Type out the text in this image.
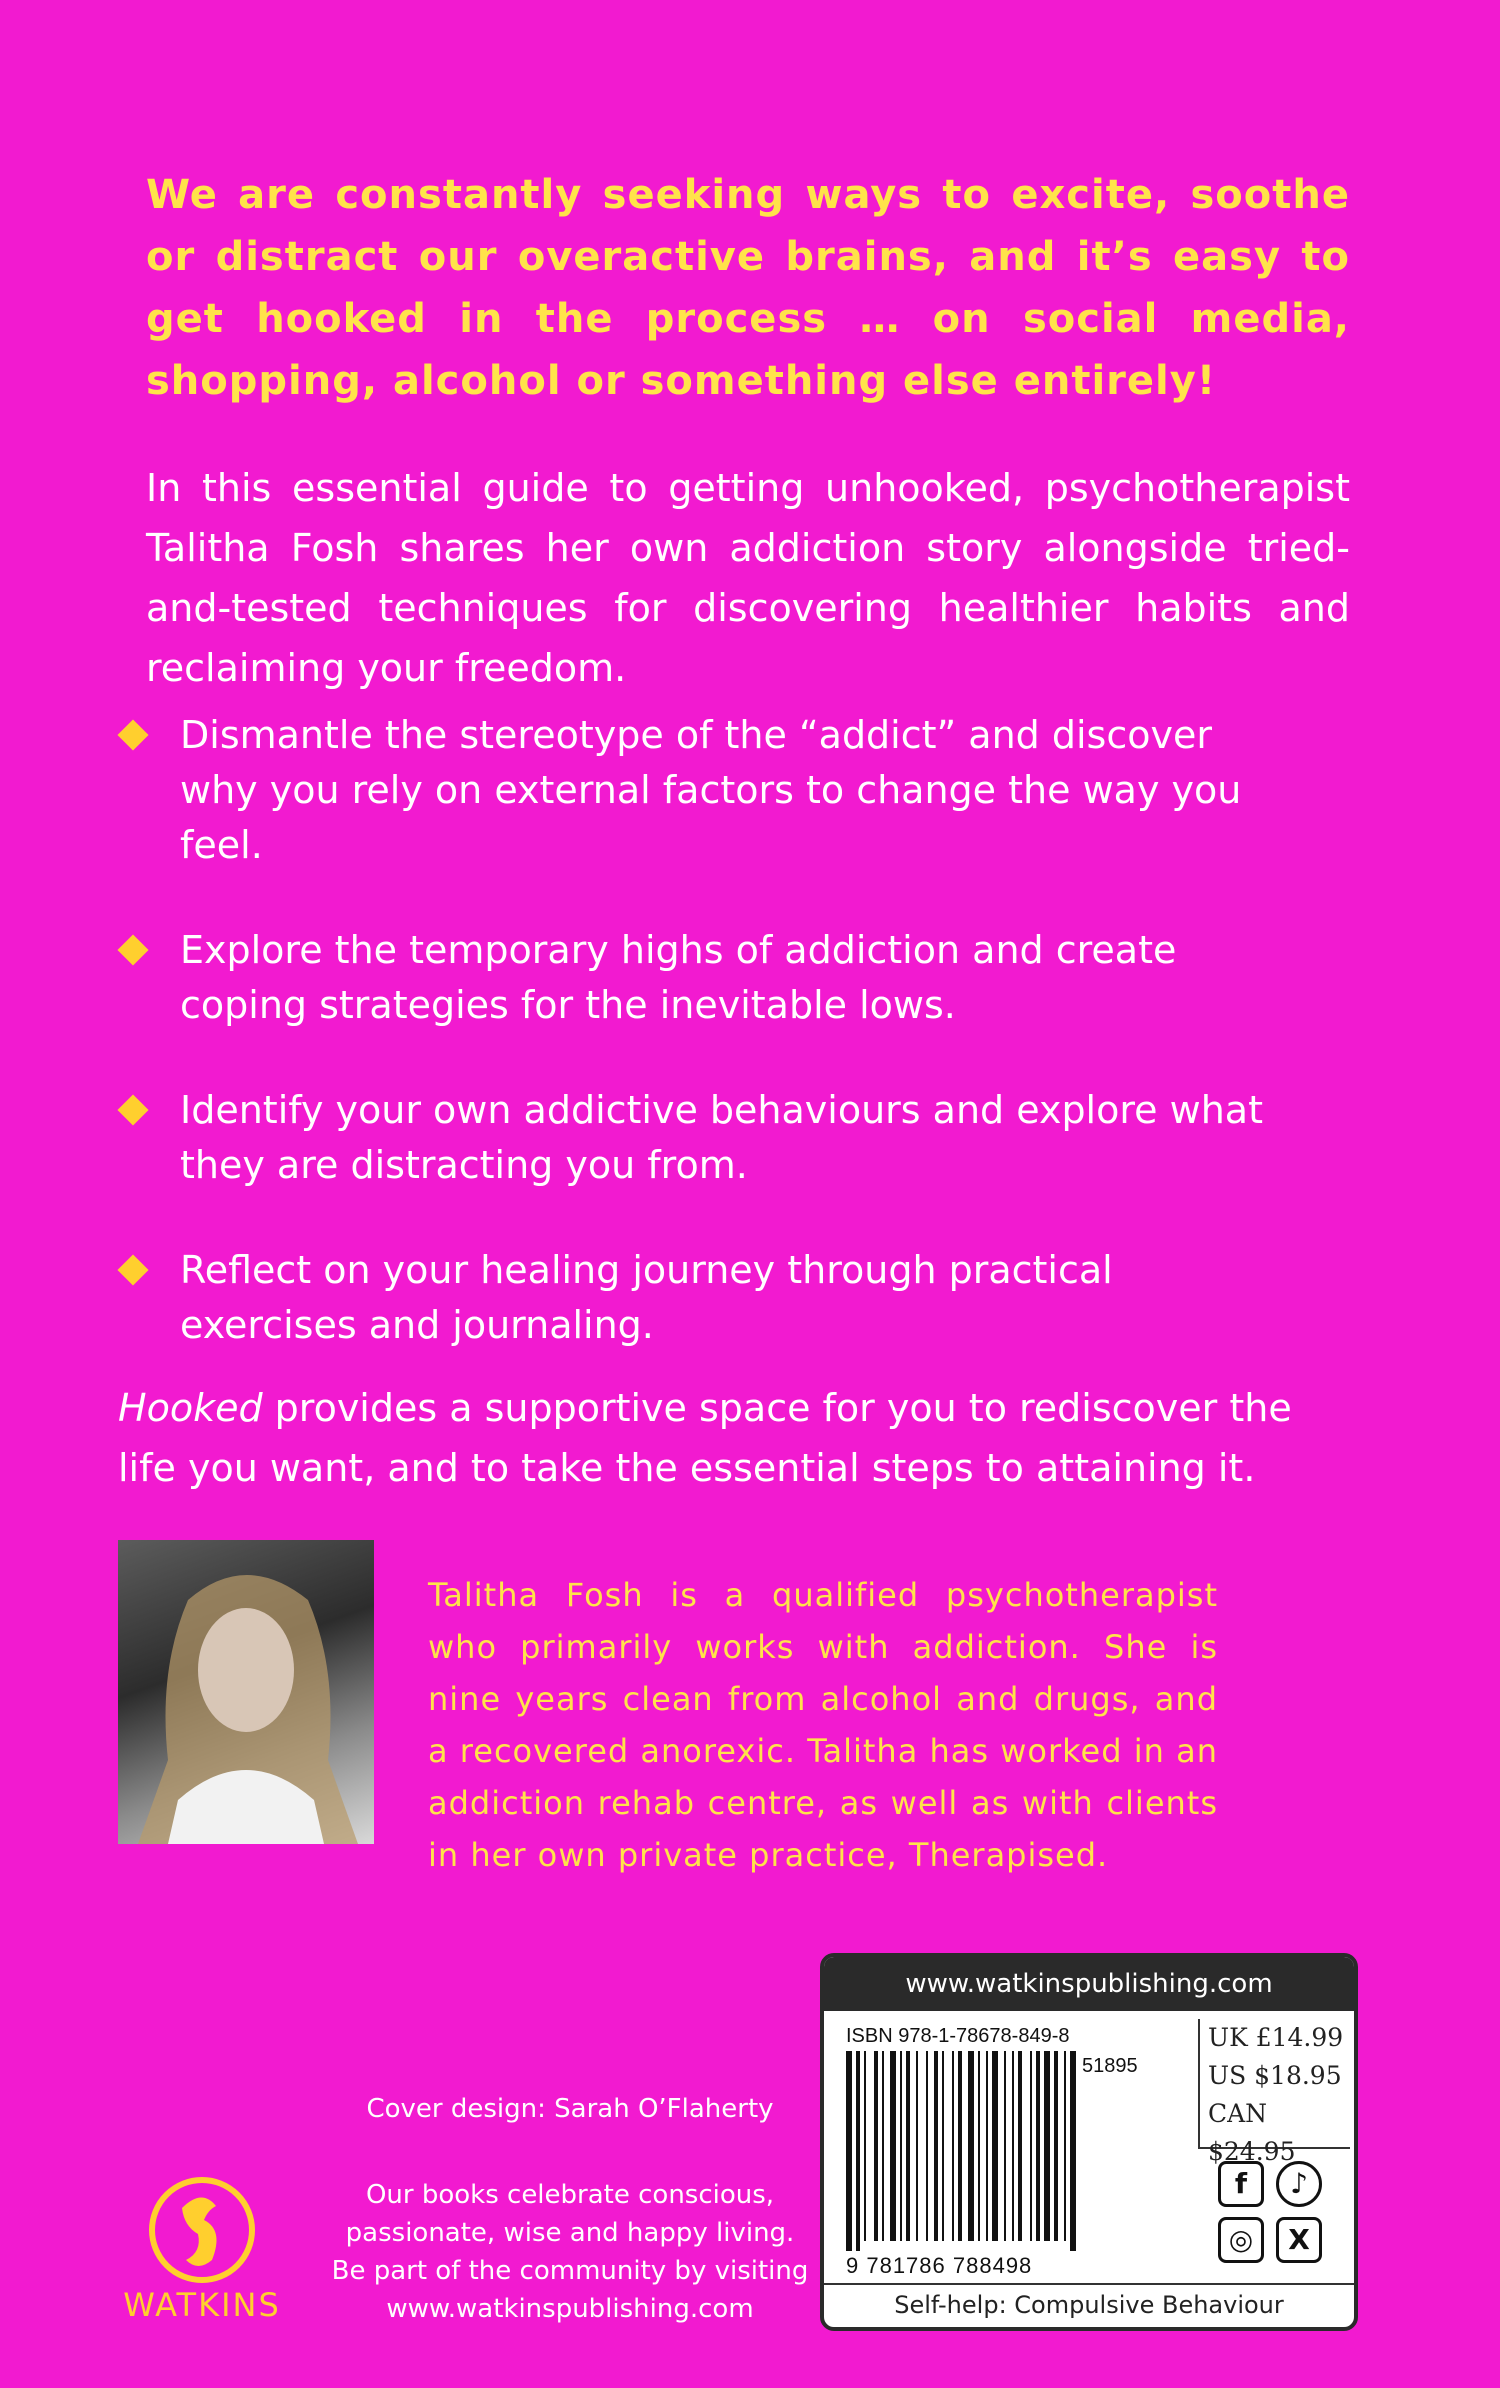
We are constantly seeking ways to excite, soothe or distract our overactive brains, and it’s easy to get hooked in the process … on social media, shopping, alcohol or something else entirely!

In this essential guide to getting unhooked, psychotherapist Talitha Fosh shares her own addiction story alongside tried-and-tested techniques for discovering healthier habits and reclaiming your freedom.

Dismantle the stereotype of the “addict” and discover why you rely on external factors to change the way you feel.
Explore the temporary highs of addiction and create coping strategies for the inevitable lows.
Identify your own addictive behaviours and explore what they are distracting you from.
Reflect on your healing journey through practical exercises and journaling.

Hooked provides a supportive space for you to rediscover the life you want, and to take the essential steps to attaining it.

Talitha Fosh is a qualified psychotherapist who primarily works with addiction. She is nine years clean from alcohol and drugs, and a recovered anorexic. Talitha has worked in an addiction rehab centre, as well as with clients in her own private practice, Therapised.

Cover design: Sarah O’Flaherty
Our books celebrate conscious,
passionate, wise and happy living.
Be part of the community by visiting
www.watkinspublishing.com
WATKINS
www.watkinspublishing.com
ISBN 978-1-78678-849-8
51895
9 781786 788498
UK £14.99
US $18.95
CAN $24.95
f	♪
◎	X
Self-help: Compulsive Behaviour
